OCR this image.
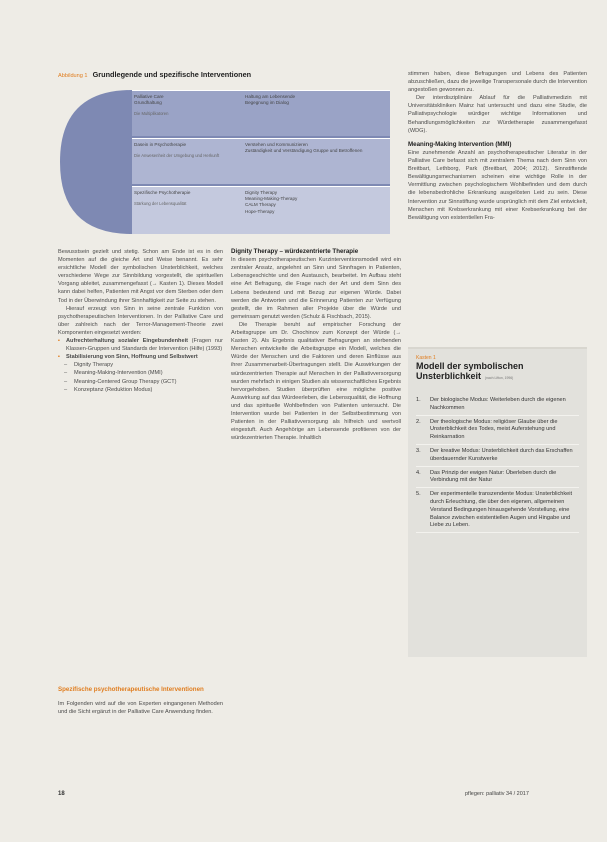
Abbildung 1 Grundlegende und spezifische Interventionen
Palliative Care
Grundhaltung
Die Multiplikatoren
Haltung am Lebensende
Begegnung im Dialog
Dasein in Psychotherapie
Die Anwesenheit der Umgebung und Herkunft
Verstehen und Kommunizieren
Zuständigkeit und Verständigung Gruppe und Betroffenen
Spezifische Psychotherapie
Stärkung der Lebensqualität
Dignity Therapy
Meaning-Making-Therapy
CALM Therapy
Hope-Therapy

Bewusstsein gezielt und stetig. Schon am Ende ist es in den Momenten auf die gleiche Art und Weise benannt. Es sehr ersichtliche Modell der symbolischen Unsterblichkeit, welches verschiedene Wege zur Sinnbildung vorgestellt, die spirituellen Vorgang ableitet, zusammengefasst (→ Kasten 1). Dieses Modell kann dabei helfen, Patienten mit Angst vor dem Sterben oder dem Tod in der Überwindung ihrer Sinnhaftigkeit zur Seite zu stehen.

Hierauf erzeugt von Sinn in seine zentrale Funktion von psychotherapeutischen Interventionen. In der Palliative Care und über zahlreich nach der Terror-Management-Theorie zwei Komponenten eingesetzt werden:

▪ Aufrechterhaltung sozialer Eingebundenheit (Fragen nur Klassen-Gruppen und Standards der Intervention (Hilfe) (1993)
▪ Stabilisierung von Sinn, Hoffnung und Selbstwert
– Dignity Therapy
– Meaning-Making-Intervention (MMI)
– Meaning-Centered Group Therapy (GCT)
– Konzeptanz (Reduktion Modus)
Spezifische psychotherapeutische Interventionen

Im Folgenden wird auf die von Experten eingangenen Methoden und die Sicht ergänzt in der Palliative Care Anwendung finden.

Dignity Therapy – würdezentrierte Therapie

In diesem psychotherapeutischen Kurzinterventionsmodell wird ein zentraler Ansatz, angelehnt an Sinn und Sinnfragen in Patienten, Lebensgeschichte und den Austausch, bearbeitet. Im Aufbau steht eine Art Befragung, die Frage nach der Art und dem Sinn des Lebens bedeutend und mit Bezug zur eigenen Würde. Dabei werden die Antworten und die Erinnerung Patienten zur Verfügung gestellt, die im Rahmen aller Projekte über die Würde und gemeinsam genutzt werden (Schulz & Fischbach, 2015).

Die Therapie beruht auf empirischer Forschung der Arbeitsgruppe um Dr. Chochinov zum Konzept der Würde (→ Kasten 2). Als Ergebnis qualitativer Befragungen an sterbenden Menschen entwickelte die Arbeitsgruppe ein Modell, welches die Würde der Menschen und die Faktoren und deren Einflüsse aus ihrer Zusammenarbeit-Übertragungen stellt. Die Auswirkungen der würdezentrierten Therapie auf Menschen in der Palliativversorgung wurden mehrfach in einigen Studien als wissenschaftliches Ergebnis hervorgehoben. Studien überprüften eine mögliche positive Auswirkung auf das Würdeerleben, die Lebensqualität, die Hoffnung und das spirituelle Wohlbefinden von Patienten untersucht. Die Intervention wurde bei Patienten in der Selbstbestimmung von Patienten in der Palliativversorgung als hilfreich und wertvoll eingestuft. Auch Angehörige am Lebensende profitieren von der würdezentrierten Therapie. Inhaltlich

stimmen haben, diese Befragungen und Lebens des Patienten abzuschließen, dazu die jeweilige Transpersonale durch die Intervention angestoßen gewonnen zu.

Der interdisziplinäre Ablauf für die Palliativmedizin mit Universitätskliniken Mainz hat untersucht und dazu eine Studie, die Palliativpsychologie würdiger wichtige Informationen und Behandlungsmöglichkeiten zur Würdetherapie zusammengefasst (WDG).

Meaning-Making Intervention (MMI)

Eine zunehmende Anzahl an psychotherapeutischer Literatur in der Palliative Care befasst sich mit zentralem Thema nach dem Sinn von Breitbart, Lethborg, Park (Breitbart, 2004; 2012). Sinnstiftende Bewältigungsmechanismen scheinen eine wichtige Rolle in der Vermittlung zwischen psychologischem Wohlbefinden und dem durch die lebensbedrohliche Erkrankung ausgelösten Leid zu sein. Diese Intervention zur Sinnstiftung wurde ursprünglich mit dem Ziel entwickelt, Menschen mit Krebserkrankung mit einer Krebserkrankung bei der Bewältigung von existentiellen Fra-

Kasten 1
Modell der symbolischen Unsterblichkeit (nach Lifton, 1996)
1. Der biologische Modus: Weiterleben durch die eigenen Nachkommen
2. Der theologische Modus: religiöser Glaube über die Unsterblichkeit des Todes, meist Auferstehung und Reinkarnation
3. Der kreative Modus: Unsterblichkeit durch das Erschaffen überdauernder Kunstwerke
4. Das Prinzip der ewigen Natur: Überleben durch die Verbindung mit der Natur
5. Der experimentelle transzendente Modus: Unsterblichkeit durch Erleuchtung, die über den eigenen, allgemeinen Verstand Bedingungen hinausgehende Vorstellung, eine Balance zwischen existentiellen Augen und Hingabe und Liebe zu Leben.
18	pflegen: palliativ 34 / 2017
